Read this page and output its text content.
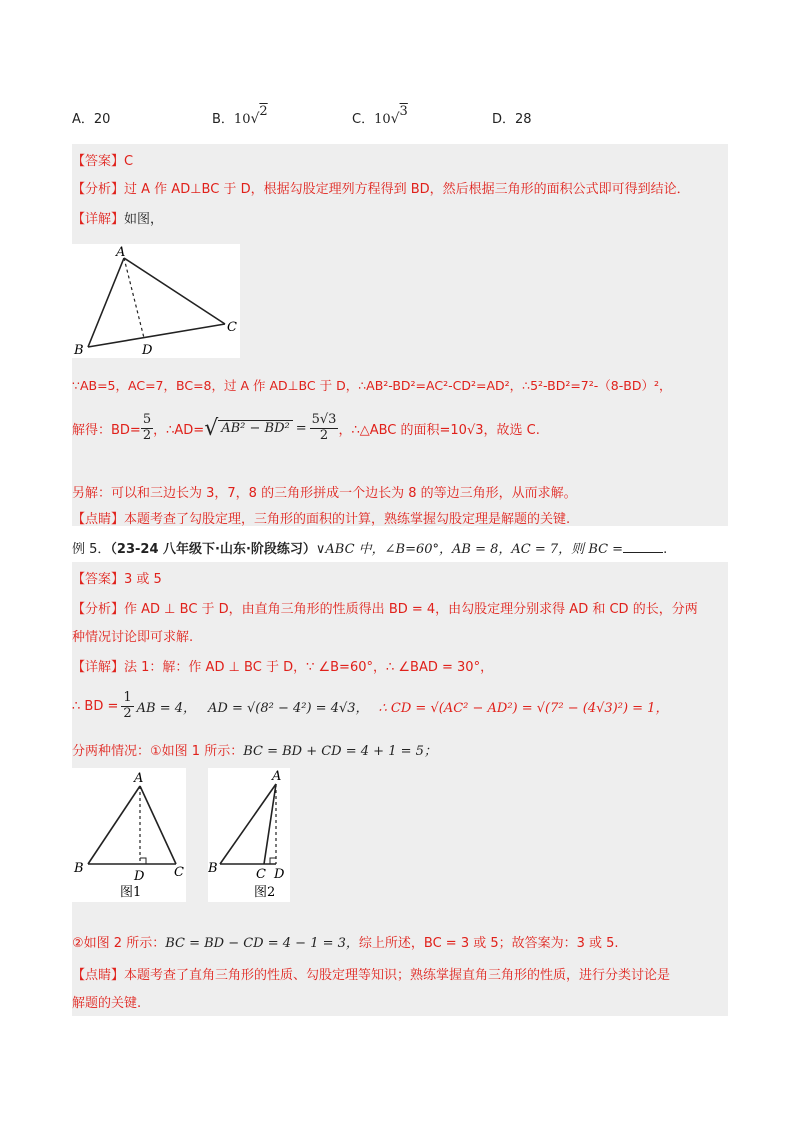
A．20	B．10√2
C．10√3
D．28
【答案】C
【分析】过 A 作 AD⊥BC 于 D，根据勾股定理列方程得到 BD，然后根据三角形的面积公式即可得到结论．
【详解】如图，
A
B
C
D
∵AB=5，AC=7，BC=8，过 A 作 AD⊥BC 于 D，∴AB²-BD²=AC²-CD²=AD²，∴5²-BD²=7²-（8-BD）²，
解得：$BD= \frac{5}{2}$ ，∴AD= √ $AB^2 - BD^2 = \frac{5√3}{2}$ ，∴△ABC 的面积=10√3，故选 C.
另解：可以和三边长为 3，7，8 的三角形拼成一个边长为 8 的等边三角形，从而求解。
【点睛】本题考查了勾股定理，三角形的面积的计算，熟练掌握勾股定理是解题的关键.
例 5．（23-24 八年级下·山东·阶段练习）∨ABC 中，∠B=60°，AB = 8，AC = 7，则 BC =	.
【答案】3 或 5
【分析】作 AD ⊥ BC 于 D，由直角三角形的性质得出 BD = 4，由勾股定理分别求得 AD 和 CD 的长，分两
种情况讨论即可求解.
【详解】法 1：解：作 AD ⊥ BC 于 D，∵ ∠B=60°，∴ ∠BAD = 30°，
∴ BD = $\frac{1}{2}$ AB = 4， AD = √(8² − 4²) = 4√3， ∴ CD = √(AC² − AD²) = √(7² − (4√3)²) = 1，
分两种情况：①如图 1 所示：BC = BD + CD = 4 + 1 = 5；
A
B	C
D
图1
A
B	C D
图2
②如图 2 所示：BC = BD − CD = 4 − 1 = 3，综上所述，BC = 3 或 5；故答案为：3 或 5.
【点睛】本题考查了直角三角形的性质、勾股定理等知识；熟练掌握直角三角形的性质，进行分类讨论是
解题的关键.
